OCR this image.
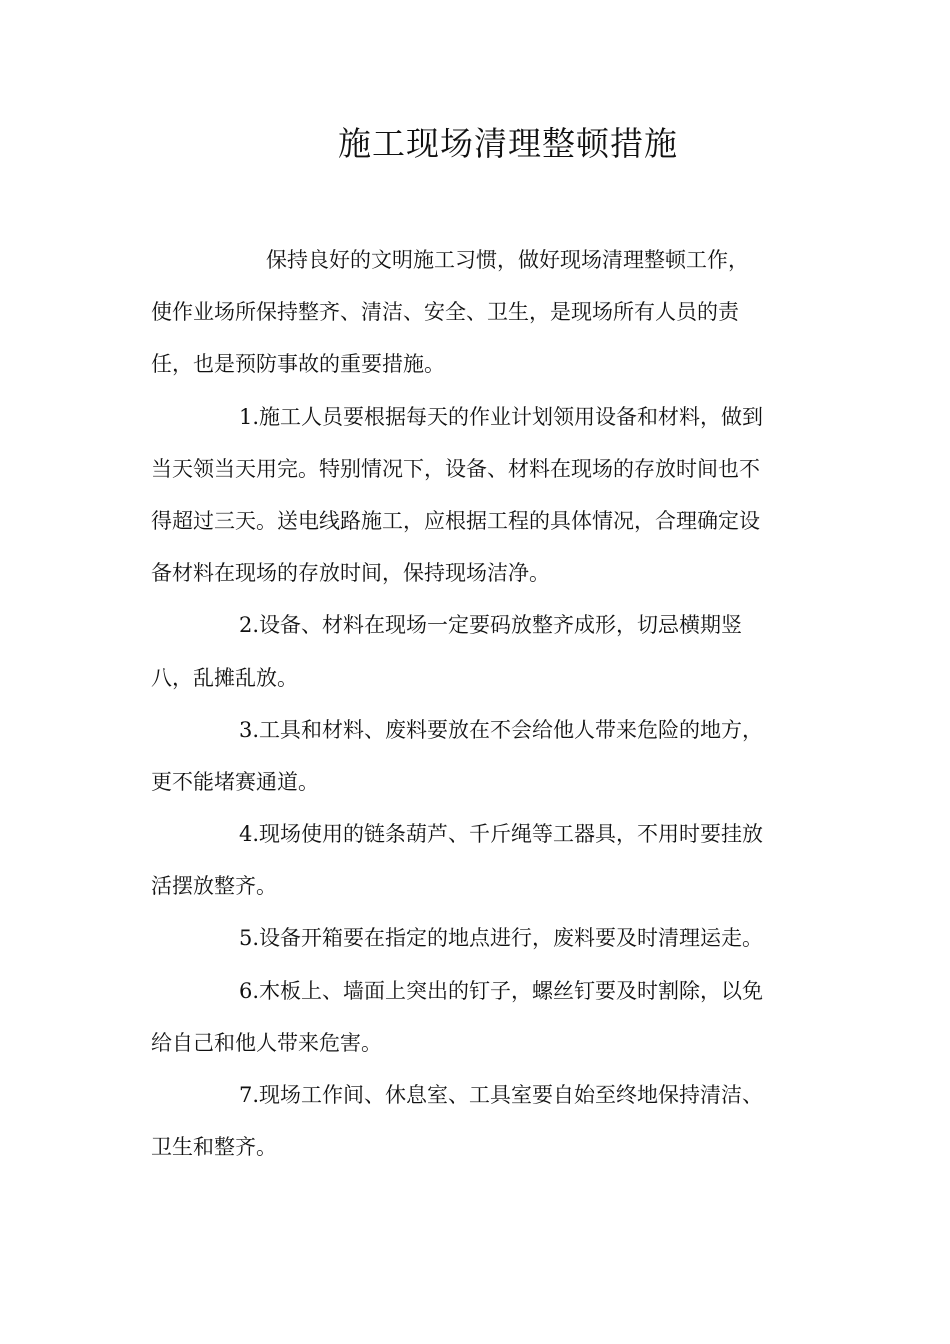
施工现场清理整顿措施
保持良好的文明施工习惯，做好现场清理整顿工作，
使作业场所保持整齐、清洁、安全、卫生，是现场所有人员的责
任，也是预防事故的重要措施。
1.施工人员要根据每天的作业计划领用设备和材料，做到
当天领当天用完。特别情况下，设备、材料在现场的存放时间也不
得超过三天。送电线路施工，应根据工程的具体情况，合理确定设
备材料在现场的存放时间，保持现场洁净。
2.设备、材料在现场一定要码放整齐成形，切忌横期竖
八，乱摊乱放。
3.工具和材料、废料要放在不会给他人带来危险的地方，
更不能堵赛通道。
4.现场使用的链条葫芦、千斤绳等工器具，不用时要挂放
活摆放整齐。
5.设备开箱要在指定的地点进行，废料要及时清理运走。
6.木板上、墙面上突出的钉子，螺丝钉要及时割除，以免
给自己和他人带来危害。
7.现场工作间、休息室、工具室要自始至终地保持清洁、
卫生和整齐。
